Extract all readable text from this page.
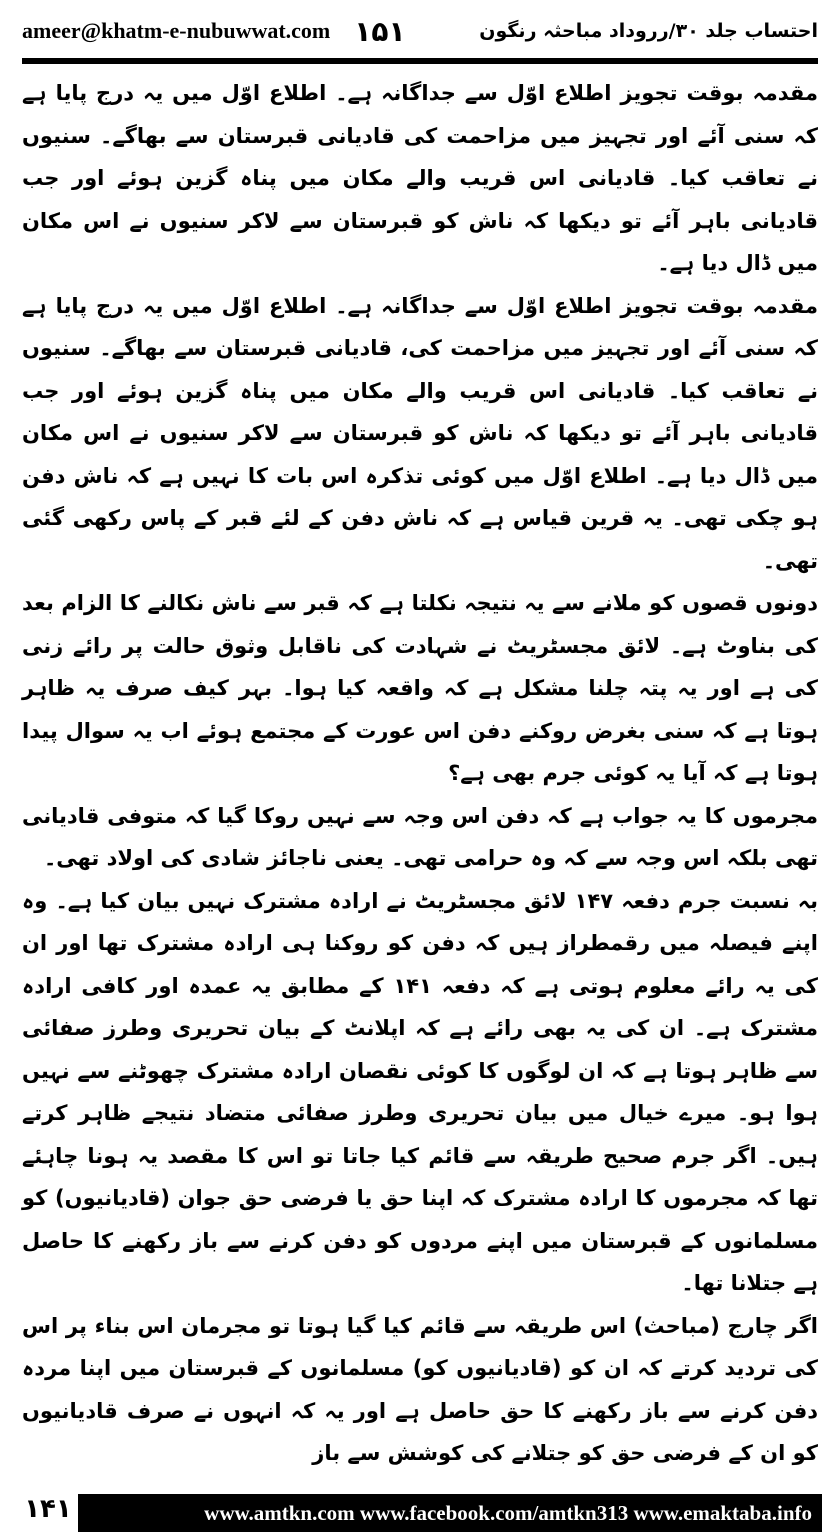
ameer@khatm-e-nubuwwat.com ۱۵۱	احتساب جلد ۳۰/رروداد مباحثہ رنگون

مقدمہ بوقت تجویز اطلاع اوّل سے جداگانہ ہے۔ اطلاع اوّل میں یہ درج پایا ہے کہ سنی آئے اور تجہیز میں مزاحمت کی قادیانی قبرستان سے بھاگے۔ سنیوں نے تعاقب کیا۔ قادیانی اس قریب والے مکان میں پناہ گزین ہوئے اور جب قادیانی باہر آئے تو دیکھا کہ ناش کو قبرستان سے لاکر سنیوں نے اس مکان میں ڈال دیا ہے۔

مقدمہ بوقت تجویز اطلاع اوّل سے جداگانہ ہے۔ اطلاع اوّل میں یہ درج پایا ہے کہ سنی آئے اور تجہیز میں مزاحمت کی، قادیانی قبرستان سے بھاگے۔ سنیوں نے تعاقب کیا۔ قادیانی اس قریب والے مکان میں پناہ گزین ہوئے اور جب قادیانی باہر آئے تو دیکھا کہ ناش کو قبرستان سے لاکر سنیوں نے اس مکان میں ڈال دیا ہے۔ اطلاع اوّل میں کوئی تذکرہ اس بات کا نہیں ہے کہ ناش دفن ہو چکی تھی۔ یہ قرین قیاس ہے کہ ناش دفن کے لئے قبر کے پاس رکھی گئی تھی۔

دونوں قصوں کو ملانے سے یہ نتیجہ نکلتا ہے کہ قبر سے ناش نکالنے کا الزام بعد کی بناوٹ ہے۔ لائق مجسٹریٹ نے شہادت کی ناقابل وثوق حالت پر رائے زنی کی ہے اور یہ پتہ چلنا مشکل ہے کہ واقعہ کیا ہوا۔ بہر کیف صرف یہ ظاہر ہوتا ہے کہ سنی بغرض روکنے دفن اس عورت کے مجتمع ہوئے اب یہ سوال پیدا ہوتا ہے کہ آیا یہ کوئی جرم بھی ہے؟

مجرموں کا یہ جواب ہے کہ دفن اس وجہ سے نہیں روکا گیا کہ متوفی قادیانی تھی بلکہ اس وجہ سے کہ وہ حرامی تھی۔ یعنی ناجائز شادی کی اولاد تھی۔

بہ نسبت جرم دفعہ ۱۴۷ لائق مجسٹریٹ نے ارادہ مشترک نہیں بیان کیا ہے۔ وہ اپنے فیصلہ میں رقمطراز ہیں کہ دفن کو روکنا ہی ارادہ مشترک تھا اور ان کی یہ رائے معلوم ہوتی ہے کہ دفعہ ۱۴۱ کے مطابق یہ عمدہ اور کافی ارادہ مشترک ہے۔ ان کی یہ بھی رائے ہے کہ اپلانٹ کے بیان تحریری وطرز صفائی سے ظاہر ہوتا ہے کہ ان لوگوں کا کوئی نقصان ارادہ مشترک چھوٹنے سے نہیں ہوا ہو۔ میرے خیال میں بیان تحریری وطرز صفائی متضاد نتیجے ظاہر کرتے ہیں۔ اگر جرم صحیح طریقہ سے قائم کیا جاتا تو اس کا مقصد یہ ہونا چاہئے تھا کہ مجرموں کا ارادہ مشترک کہ اپنا حق یا فرضی حق جوان (قادیانیوں) کو مسلمانوں کے قبرستان میں اپنے مردوں کو دفن کرنے سے باز رکھنے کا حاصل ہے جتلانا تھا۔

اگر چارج (مباحث) اس طریقہ سے قائم کیا گیا ہوتا تو مجرمان اس بناء پر اس کی تردید کرتے کہ ان کو (قادیانیوں کو) مسلمانوں کے قبرستان میں اپنا مردہ دفن کرنے سے باز رکھنے کا حق حاصل ہے اور یہ کہ انہوں نے صرف قادیانیوں کو ان کے فرضی حق کو جتلانے کی کوشش سے باز

۱۴۱	www.amtkn.com www.facebook.com/amtkn313 www.emaktaba.info
